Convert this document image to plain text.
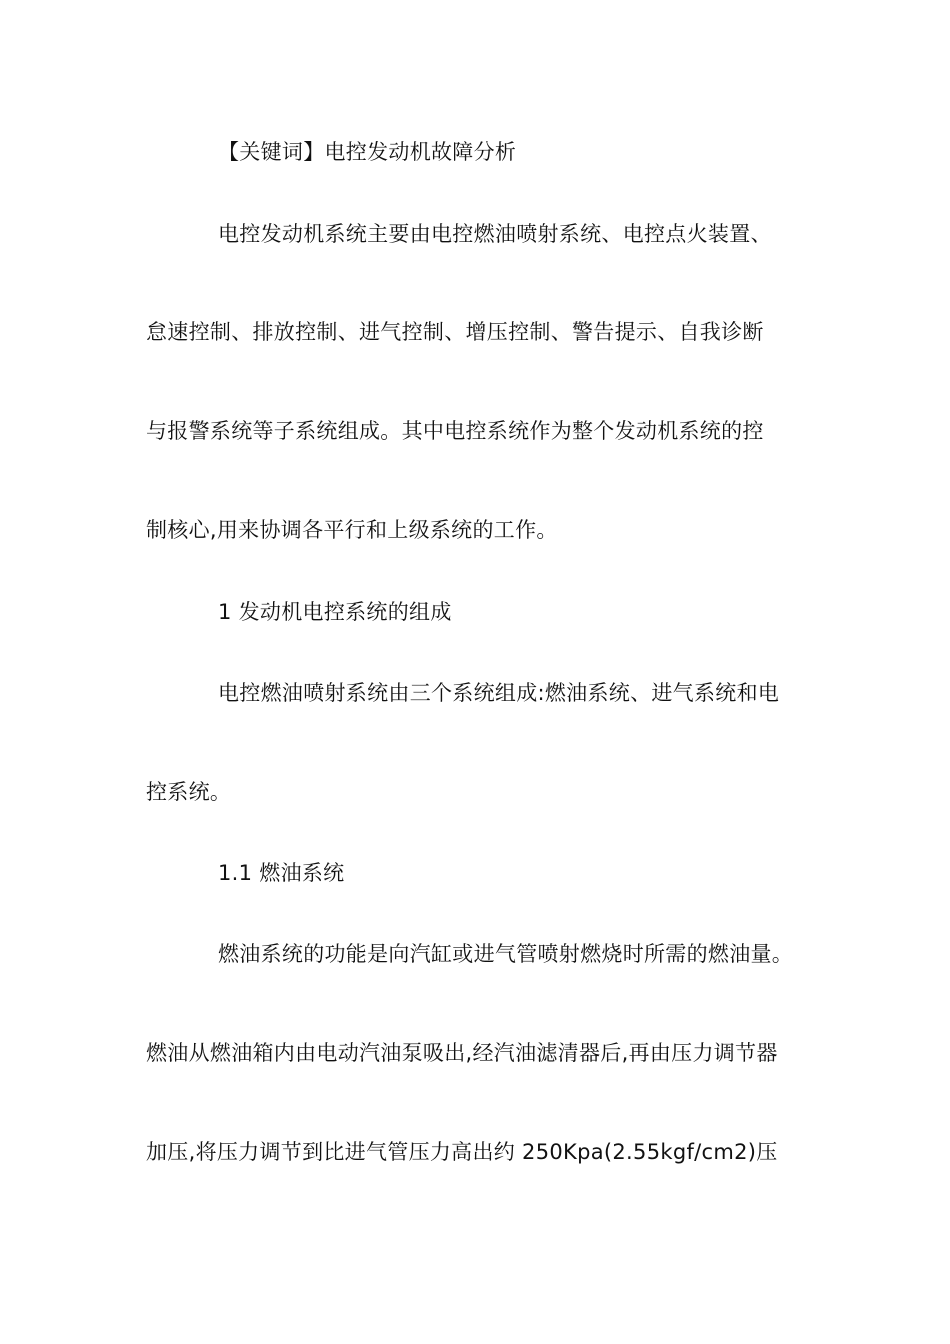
【关键词】电控发动机故障分析
电控发动机系统主要由电控燃油喷射系统、电控点火装置、
怠速控制、排放控制、进气控制、增压控制、警告提示、自我诊断
与报警系统等子系统组成。其中电控系统作为整个发动机系统的控
制核心,用来协调各平行和上级系统的工作。
1 发动机电控系统的组成
电控燃油喷射系统由三个系统组成:燃油系统、进气系统和电
控系统。
1.1 燃油系统
燃油系统的功能是向汽缸或进气管喷射燃烧时所需的燃油量。
燃油从燃油箱内由电动汽油泵吸出,经汽油滤清器后,再由压力调节器
加压,将压力调节到比进气管压力高出约 250Kpa(2.55kgf/cm2)压
